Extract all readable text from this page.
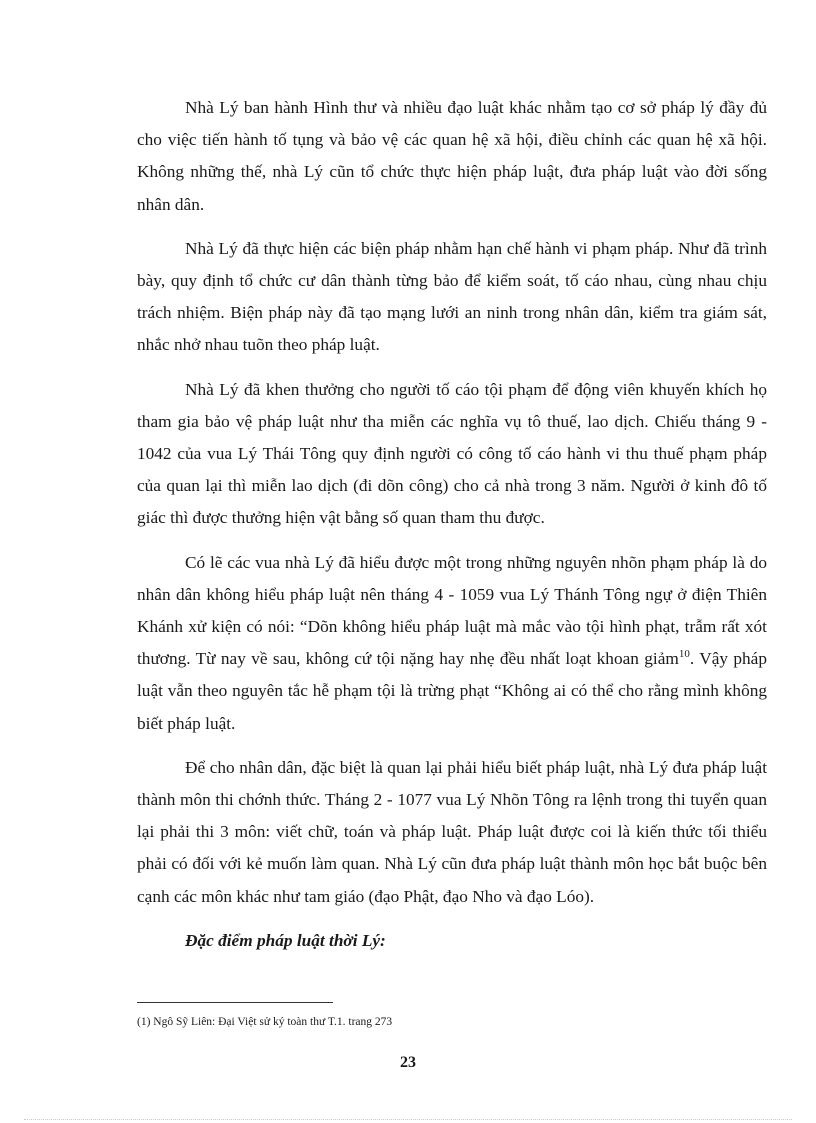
Nhà Lý ban hành Hình thư và nhiều đạo luật khác nhằm tạo cơ sở pháp lý đầy đủ cho việc tiến hành tố tụng và bảo vệ các quan hệ xã hội, điều chỉnh các quan hệ xã hội. Không những thế, nhà Lý cũn tổ chức thực hiện pháp luật, đưa pháp luật vào đời sống nhân dân.

Nhà Lý đã thực hiện các biện pháp nhằm hạn chế hành vi phạm pháp. Như đã trình bày, quy định tổ chức cư dân thành từng bảo để kiểm soát, tố cáo nhau, cùng nhau chịu trách nhiệm. Biện pháp này đã tạo mạng lưới an ninh trong nhân dân, kiểm tra giám sát, nhắc nhở nhau tuõn theo pháp luật.

Nhà Lý đã khen thưởng cho người tố cáo tội phạm để động viên khuyến khích họ tham gia bảo vệ pháp luật như tha miễn các nghĩa vụ tô thuế, lao dịch. Chiếu tháng 9 - 1042 của vua Lý Thái Tông quy định người có công tố cáo hành vi thu thuế phạm pháp của quan lại thì miễn lao dịch (đi dõn công) cho cả nhà trong 3 năm. Người ở kinh đô tố giác thì được thưởng hiện vật bằng số quan tham thu được.

Có lẽ các vua nhà Lý đã hiểu được một trong những nguyên nhõn phạm pháp là do nhân dân không hiểu pháp luật nên tháng 4 - 1059 vua Lý Thánh Tông ngự ở điện Thiên Khánh xử kiện có nói: “Dõn không hiểu pháp luật mà mắc vào tội hình phạt, trẫm rất xót thương. Từ nay về sau, không cứ tội nặng hay nhẹ đều nhất loạt khoan giảm$^{10}$. Vậy pháp luật vẫn theo nguyên tắc hễ phạm tội là trừng phạt “Không ai có thể cho rằng mình không biết pháp luật.

Để cho nhân dân, đặc biệt là quan lại phải hiểu biết pháp luật, nhà Lý đưa pháp luật thành môn thi chớnh thức. Tháng 2 - 1077 vua Lý Nhõn Tông ra lệnh trong thi tuyển quan lại phải thi 3 môn: viết chữ, toán và pháp luật. Pháp luật được coi là kiến thức tối thiểu phải có đối với kẻ muốn làm quan. Nhà Lý cũn đưa pháp luật thành môn học bắt buộc bên cạnh các môn khác như tam giáo (đạo Phật, đạo Nho và đạo Lóo).

Đặc điểm pháp luật thời Lý:

(1) Ngô Sỹ Liên: Đại Việt sử ký toàn thư T.1. trang 273
23
